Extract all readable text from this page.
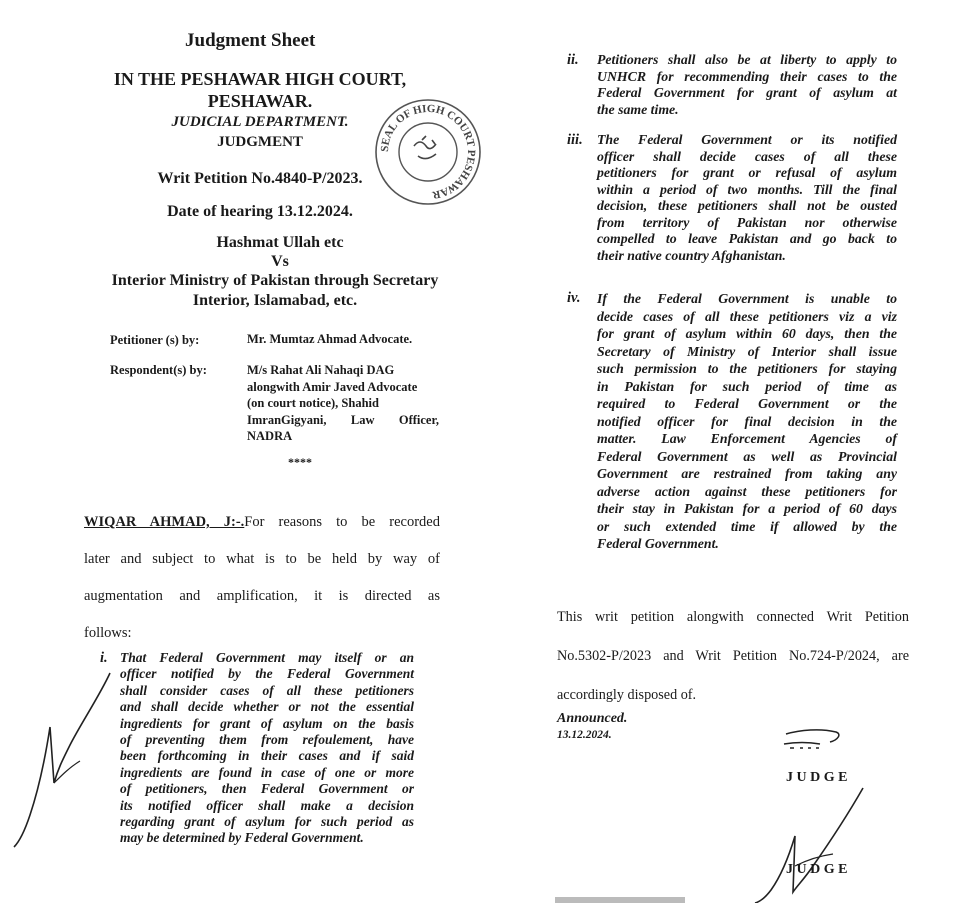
Judgment Sheet
IN THE PESHAWAR HIGH COURT,
PESHAWAR.
JUDICIAL DEPARTMENT.
JUDGMENT	SEAL OF HIGH COURT PESHAWAR
Writ Petition No.4840-P/2023.
Date of hearing 13.12.2024.
Hashmat Ullah etc
Vs
Interior Ministry of Pakistan through Secretary
Interior, Islamabad, etc.
Petitioner (s) by:	Mr. Mumtaz Ahmad Advocate.
Respondent(s) by:	M/s Rahat Ali Nahaqi DAG
alongwith Amir Javed Advocate
(on court notice), Shahid
ImranGigyani, Law Officer,
NADRA
****
WIQAR AHMAD, J:-.For reasons to be recorded
later and subject to what is to be held by way of
augmentation and amplification, it is directed as
follows:
i. That Federal Government may itself or an
officer notified by the Federal Government
shall consider cases of all these petitioners
and shall decide whether or not the essential
ingredients for grant of asylum on the basis
of preventing them from refoulement, have
been forthcoming in their cases and if said
ingredients are found in case of one or more
of petitioners, then Federal Government or
its notified officer shall make a decision
regarding grant of asylum for such period as
may be determined by Federal Government.
ii. Petitioners shall also be at liberty to apply to
UNHCR for recommending their cases to the
Federal Government for grant of asylum at
the same time.
iii. The Federal Government or its notified
officer shall decide cases of all these
petitioners for grant or refusal of asylum
within a period of two months. Till the final
decision, these petitioners shall not be ousted
from territory of Pakistan nor otherwise
compelled to leave Pakistan and go back to
their native country Afghanistan.
iv. If the Federal Government is unable to
decide cases of all these petitioners viz a viz
for grant of asylum within 60 days, then the
Secretary of Ministry of Interior shall issue
such permission to the petitioners for staying
in Pakistan for such period of time as
required to Federal Government or the
notified officer for final decision in the
matter. Law Enforcement Agencies of
Federal Government as well as Provincial
Government are restrained from taking any
adverse action against these petitioners for
their stay in Pakistan for a period of 60 days
or such extended time if allowed by the
Federal Government.
This writ petition alongwith connected Writ Petition
No.5302-P/2023 and Writ Petition No.724-P/2024, are
accordingly disposed of.
Announced.
13.12.2024.
JUDGE
JUDGE
